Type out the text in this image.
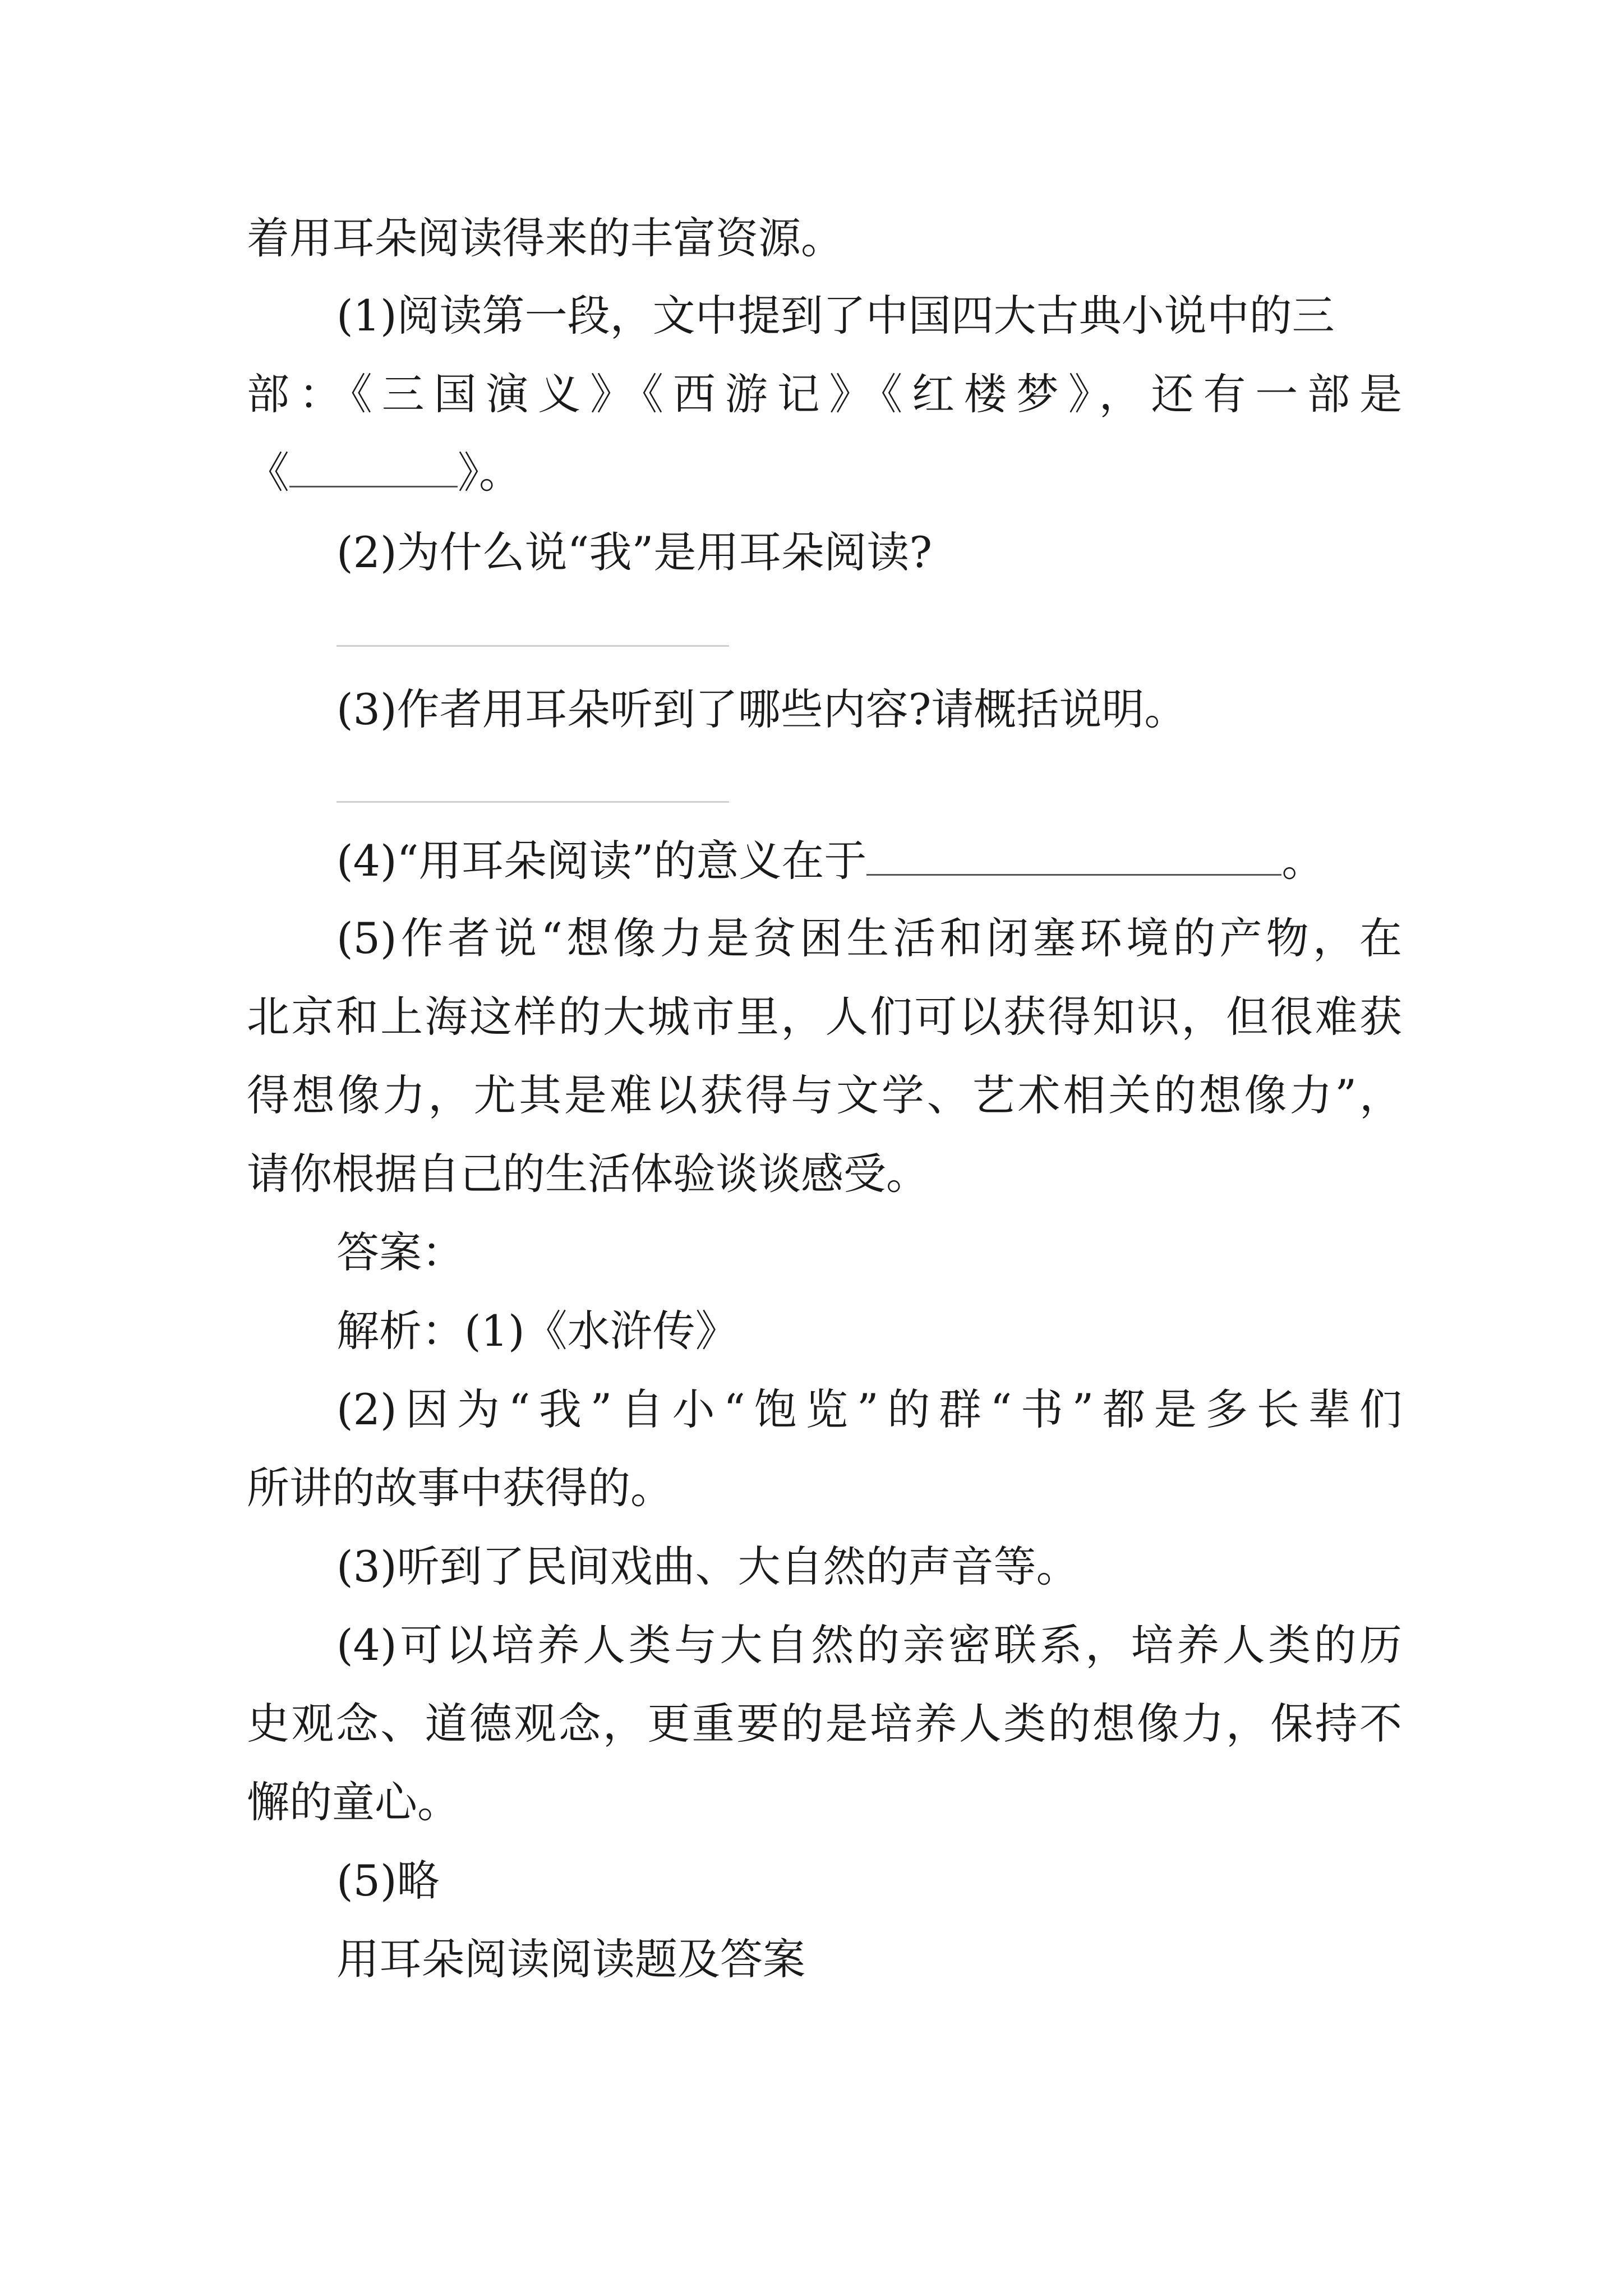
着用耳朵阅读得来的丰富资源。
(1)阅读第一段，文中提到了中国四大古典小说中的三
部：《三国演义》《西游记》《红楼梦》，还有一部是
《	》。
(2)为什么说“我”是用耳朵阅读?
(3)作者用耳朵听到了哪些内容?请概括说明。
(4)“用耳朵阅读”的意义在于	。
(5)作者说“想像力是贫困生活和闭塞环境的产物，在
北京和上海这样的大城市里，人们可以获得知识，但很难获
得想像力，尤其是难以获得与文学、艺术相关的想像力”，
请你根据自己的生活体验谈谈感受。
答案：
解析：(1)《水浒传》
(2)因为“我”自小“饱览”的群“书”都是多长辈们
所讲的故事中获得的。
(3)听到了民间戏曲、大自然的声音等。
(4)可以培养人类与大自然的亲密联系，培养人类的历
史观念、道德观念，更重要的是培养人类的想像力，保持不
懈的童心。
(5)略
用耳朵阅读阅读题及答案
